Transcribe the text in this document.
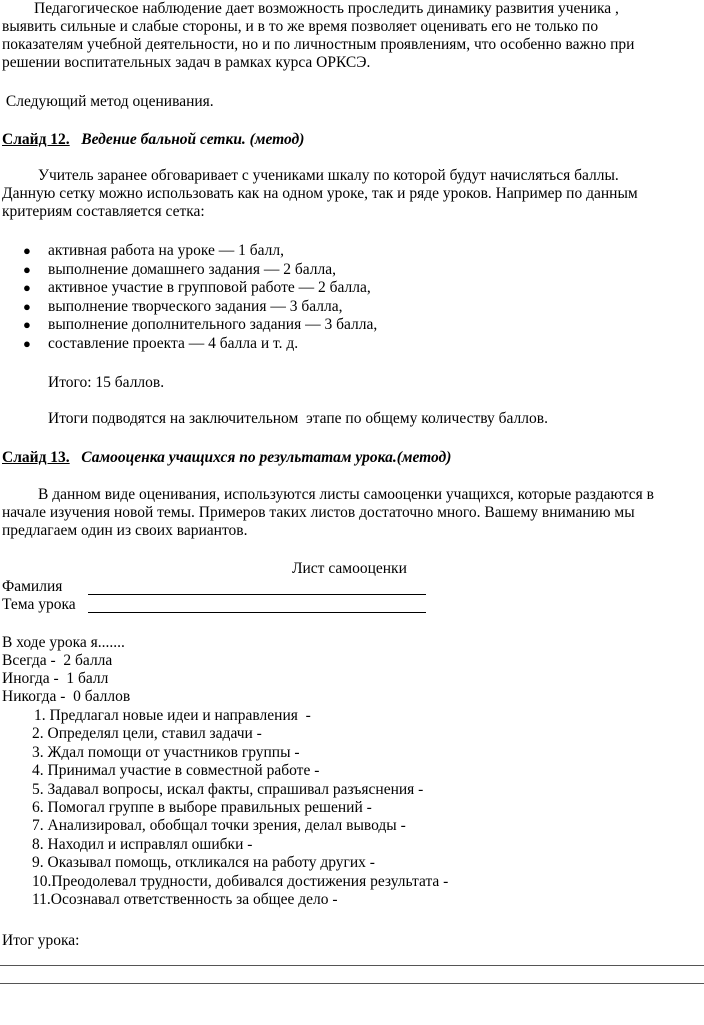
Педагогическое наблюдение дает возможность проследить динамику развития ученика ,
выявить сильные и слабые стороны, и в то же время позволяет оценивать его не только по
показателям учебной деятельности, но и по личностным проявлениям, что особенно важно при
решении воспитательных задач в рамках курса ОРКСЭ.
Следующий метод оценивания.
Слайд 12. Ведение бальной сетки. (метод)
Учитель заранее обговаривает с учениками шкалу по которой будут начисляться баллы.
Данную сетку можно использовать как на одном уроке, так и ряде уроков. Например по данным
критериям составляется сетка:
● активная работа на уроке — 1 балл,
● выполнение домашнего задания — 2 балла,
● активное участие в групповой работе — 2 балла,
● выполнение творческого задания — 3 балла,
● выполнение дополнительного задания — 3 балла,
● составление проекта — 4 балла и т. д.
Итого: 15 баллов.
Итоги подводятся на заключительном  этапе по общему количеству баллов.
Слайд 13. Самооценка учащихся по результатам урока.(метод)
В данном виде оценивания, используются листы самооценки учащихся, которые раздаются в
начале изучения новой темы. Примеров таких листов достаточно много. Вашему вниманию мы
предлагаем один из своих вариантов.
Лист самооценки
Фамилия
Тема урока
В ходе урока я.......
Всегда -  2 балла
Иногда -  1 балл
Никогда -  0 баллов
1. Предлагал новые идеи и направления  -
2. Определял цели, ставил задачи -
3. Ждал помощи от участников группы -
4. Принимал участие в совместной работе -
5. Задавал вопросы, искал факты, спрашивал разъяснения -
6. Помогал группе в выборе правильных решений -
7. Анализировал, обобщал точки зрения, делал выводы -
8. Находил и исправлял ошибки -
9. Оказывал помощь, откликался на работу других -
10.Преодолевал трудности, добивался достижения результата -
11.Осознавал ответственность за общее дело -
Итог урока:
